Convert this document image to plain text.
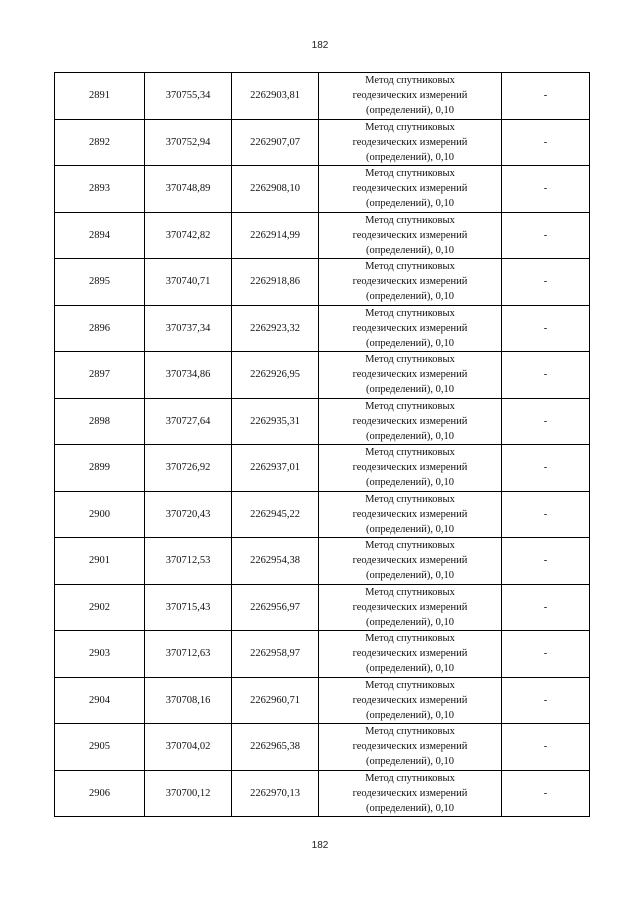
182
2891	370755,34	2262903,81	Метод спутниковых
геодезических измерений
(определений), 0,10	-
2892	370752,94	2262907,07	Метод спутниковых
геодезических измерений
(определений), 0,10	-
2893	370748,89	2262908,10	Метод спутниковых
геодезических измерений
(определений), 0,10	-
2894	370742,82	2262914,99	Метод спутниковых
геодезических измерений
(определений), 0,10	-
2895	370740,71	2262918,86	Метод спутниковых
геодезических измерений
(определений), 0,10	-
2896	370737,34	2262923,32	Метод спутниковых
геодезических измерений
(определений), 0,10	-
2897	370734,86	2262926,95	Метод спутниковых
геодезических измерений
(определений), 0,10	-
2898	370727,64	2262935,31	Метод спутниковых
геодезических измерений
(определений), 0,10	-
2899	370726,92	2262937,01	Метод спутниковых
геодезических измерений
(определений), 0,10	-
2900	370720,43	2262945,22	Метод спутниковых
геодезических измерений
(определений), 0,10	-
2901	370712,53	2262954,38	Метод спутниковых
геодезических измерений
(определений), 0,10	-
2902	370715,43	2262956,97	Метод спутниковых
геодезических измерений
(определений), 0,10	-
2903	370712,63	2262958,97	Метод спутниковых
геодезических измерений
(определений), 0,10	-
2904	370708,16	2262960,71	Метод спутниковых
геодезических измерений
(определений), 0,10	-
2905	370704,02	2262965,38	Метод спутниковых
геодезических измерений
(определений), 0,10	-
2906	370700,12	2262970,13	Метод спутниковых
геодезических измерений
(определений), 0,10	-
182
